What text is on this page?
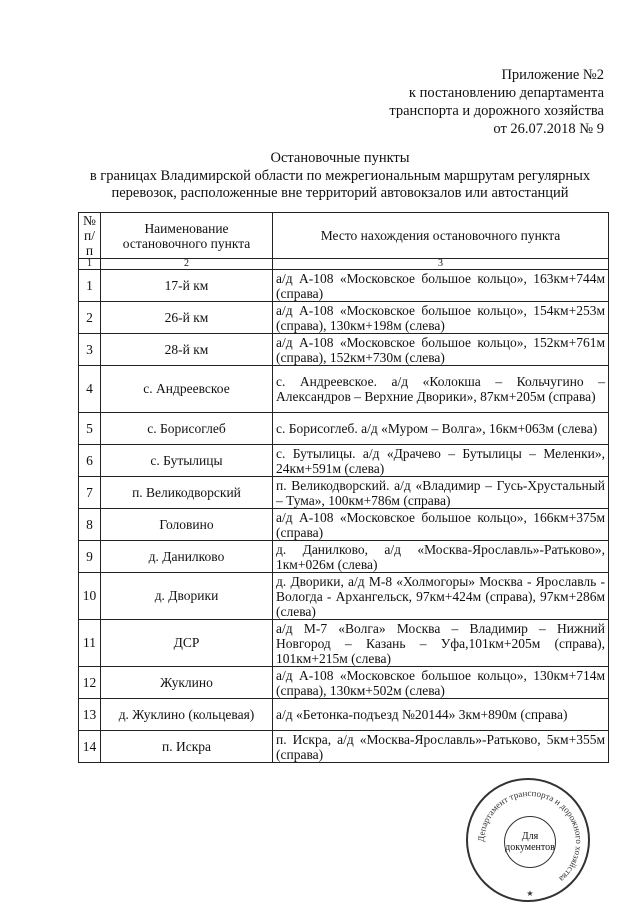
Приложение №2
к постановлению департамента
транспорта и дорожного хозяйства
от 26.07.2018 № 9
Остановочные пункты
в границах Владимирской области по межрегиональным маршрутам регулярных
перевозок, расположенные вне территорий автовокзалов или автостанций
№ п/п	Наименование остановочного пункта	Место нахождения остановочного пункта
1	2	3
1	17-й км	а/д А-108 «Московское большое кольцо», 163км+744м (справа)
2	26-й км	а/д А-108 «Московское большое кольцо», 154км+253м (справа), 130км+198м (слева)
3	28-й км	а/д А-108 «Московское большое кольцо», 152км+761м (справа), 152км+730м (слева)
4	с. Андреевское	с. Андреевское. а/д «Колокша – Кольчугино – Александров – Верхние Дворики», 87км+205м (справа)
5	с. Борисоглеб	с. Борисоглеб. а/д «Муром – Волга», 16км+063м (слева)
6	с. Бутылицы	с. Бутылицы. а/д «Драчево – Бутылицы – Меленки», 24км+591м (слева)
7	п. Великодворский	п. Великодворский. а/д «Владимир – Гусь-Хрустальный – Тума», 100км+786м (справа)
8	Головино	а/д А-108 «Московское большое кольцо», 166км+375м (справа)
9	д. Данилково	д. Данилково, а/д «Москва-Ярославль»-Ратьково», 1км+026м (слева)
10	д. Дворики	д. Дворики, а/д М-8 «Холмогоры» Москва - Ярославль - Вологда - Архангельск, 97км+424м (справа), 97км+286м (слева)
11	ДСР	а/д М-7 «Волга» Москва – Владимир – Нижний Новгород – Казань – Уфа,101км+205м (справа), 101км+215м (слева)
12	Жуклино	а/д А-108 «Московское большое кольцо», 130км+714м (справа), 130км+502м (слева)
13	д. Жуклино (кольцевая)	а/д «Бетонка-подъезд №20144» 3км+890м (справа)
14	п. Искра	п. Искра, а/д «Москва-Ярославль»-Ратьково, 5км+355м (справа)
Департамент транспорта и дорожного хозяйства
★
Для
документов
